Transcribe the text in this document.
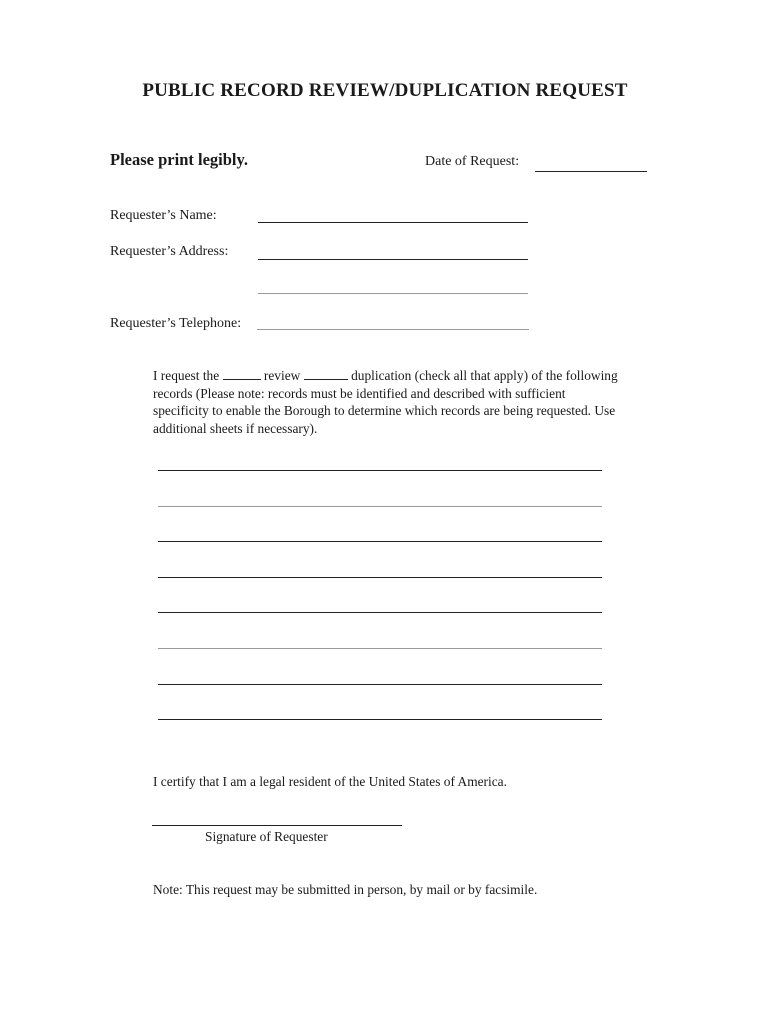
PUBLIC RECORD REVIEW/DUPLICATION REQUEST
Please print legibly.	Date of Request:
Requester’s Name:
Requester’s Address:
Requester’s Telephone:
I request the	review	duplication (check all that apply) of the following records (Please note: records must be identified and described with sufficient specificity to enable the Borough to determine which records are being requested. Use additional sheets if necessary).
I certify that I am a legal resident of the United States of America.
Signature of Requester
Note: This request may be submitted in person, by mail or by facsimile.
